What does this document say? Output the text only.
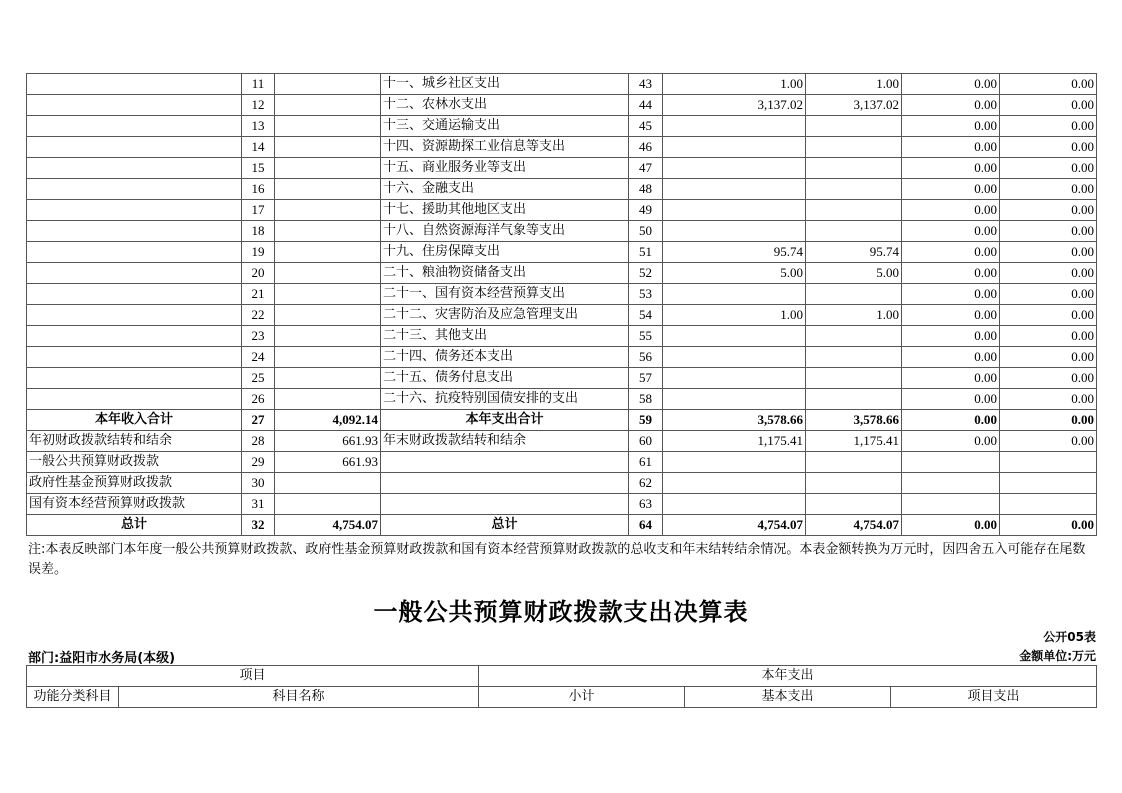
	11		十一、城乡社区支出	43	1.00	1.00	0.00	0.00
	12		十二、农林水支出	44	3,137.02	3,137.02	0.00	0.00
	13		十三、交通运输支出	45			0.00	0.00
	14		十四、资源勘探工业信息等支出	46			0.00	0.00
	15		十五、商业服务业等支出	47			0.00	0.00
	16		十六、金融支出	48			0.00	0.00
	17		十七、援助其他地区支出	49			0.00	0.00
	18		十八、自然资源海洋气象等支出	50			0.00	0.00
	19		十九、住房保障支出	51	95.74	95.74	0.00	0.00
	20		二十、粮油物资储备支出	52	5.00	5.00	0.00	0.00
	21		二十一、国有资本经营预算支出	53			0.00	0.00
	22		二十二、灾害防治及应急管理支出	54	1.00	1.00	0.00	0.00
	23		二十三、其他支出	55			0.00	0.00
	24		二十四、债务还本支出	56			0.00	0.00
	25		二十五、债务付息支出	57			0.00	0.00
	26		二十六、抗疫特别国债安排的支出	58			0.00	0.00
本年收入合计	27	4,092.14	本年支出合计	59	3,578.66	3,578.66	0.00	0.00
年初财政拨款结转和结余	28	661.93	年末财政拨款结转和结余	60	1,175.41	1,175.41	0.00	0.00
一般公共预算财政拨款	29	661.93		61				
政府性基金预算财政拨款	30			62				
国有资本经营预算财政拨款	31			63				
总计	32	4,754.07	总计	64	4,754.07	4,754.07	0.00	0.00
注:本表反映部门本年度一般公共预算财政拨款、政府性基金预算财政拨款和国有资本经营预算财政拨款的总收支和年末结转结余情况。本表金额转换为万元时，因四舍五入可能存在尾数误差。
一般公共预算财政拨款支出决算表
公开05表
部门:益阳市水务局(本级)	金额单位:万元
项目		本年支出		
功能分类科目	科目名称	小计	基本支出	项目支出
